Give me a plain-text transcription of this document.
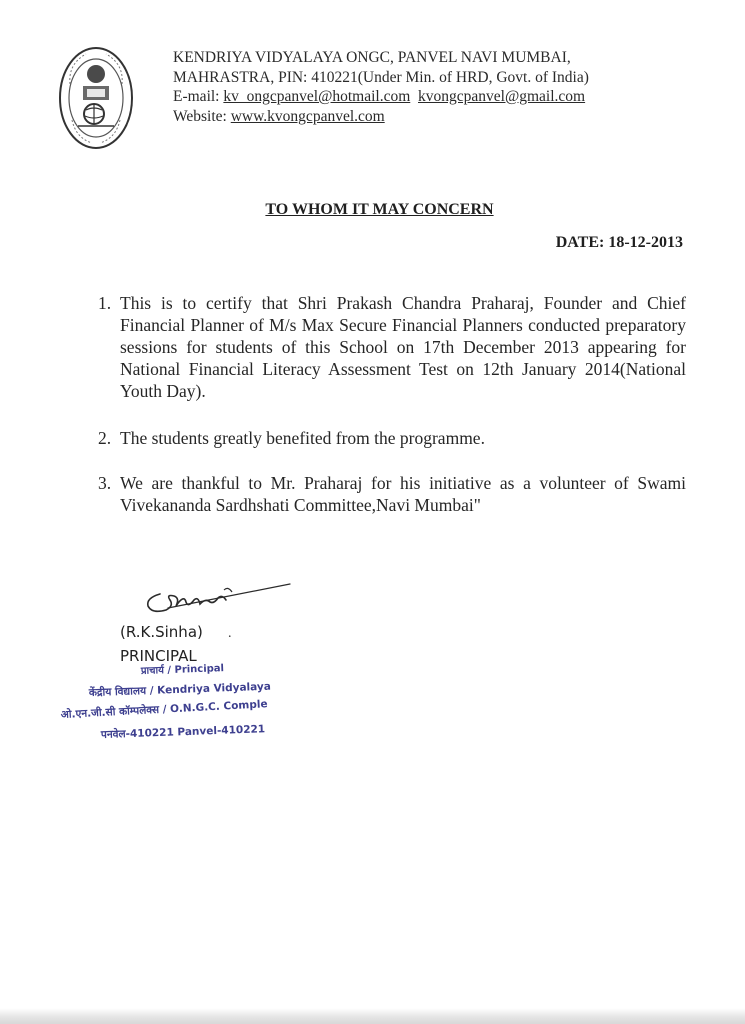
KENDRIYA VIDYALAYA ONGC, PANVEL NAVI MUMBAI,
MAHRASTRA, PIN: 410221(Under Min. of HRD, Govt. of India)
E-mail: kv_ongcpanvel@hotmail.com kvongcpanvel@gmail.com
Website: www.kvongcpanvel.com
TO WHOM IT MAY CONCERN
DATE: 18-12-2013
1. This is to certify that Shri Prakash Chandra Praharaj, Founder and Chief Financial Planner of M/s Max Secure Financial Planners conducted preparatory sessions for students of this School on 17th December 2013 appearing for National Financial Literacy Assessment Test on 12th January 2014(National Youth Day).
2. The students greatly benefited from the programme.
3. We are thankful to Mr. Praharaj for his initiative as a volunteer of Swami Vivekananda Sardhshati Committee,Navi Mumbai"
(R.K.Sinha)
PRINCIPAL
.
प्राचार्य / Principal
केंद्रीय विद्यालय / Kendriya Vidyalaya
ओ.एन.जी.सी कॉम्पलेक्स / O.N.G.C. Comple
पनवेल-410221 Panvel-410221
